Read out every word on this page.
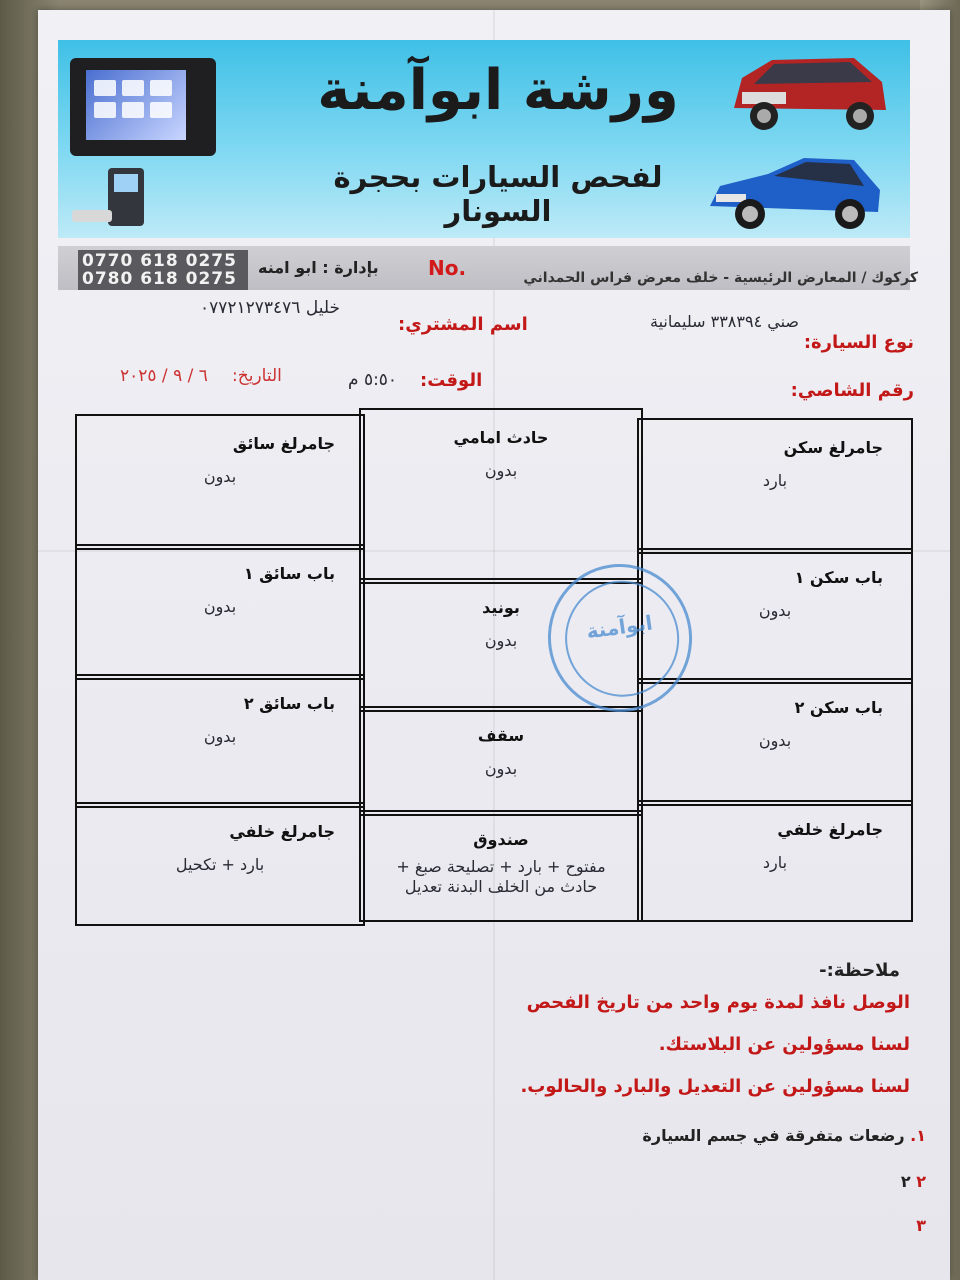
ورشة ابوآمنة
لفحص السيارات بحجرة السونار
0770 618 0275
0780 618 0275
بإدارة : ابو امنه No.	كركوك / المعارض الرئيسية - خلف معرض فراس الحمداني
اسم المشتري:
خليل ٠٧٧٢١٢٧٣٤٧٦
نوع السيارة:
صني ٣٣٨٣٩٤ سليمانية
التاريخ:
٦ / ٩ / ٢٠٢٥	الوقت:
٥:٥٠ م	رقم الشاصي:
جامرلغ سائق
بدون
باب سائق ١
بدون
باب سائق ٢
بدون
جامرلغ خلفي
بارد + تكحيل
حادث امامي
بدون
بونيد
بدون
سقف
بدون
صندوق
مفتوح + بارد + تصليحة صبغ + حادث من الخلف البدنة تعديل
جامرلغ سكن
بارد
باب سكن ١
بدون
باب سكن ٢
بدون
جامرلغ خلفي
بارد
ابوآمنة
ملاحظة:-
الوصل نافذ لمدة يوم واحد من تاريخ الفحص
لسنا مسؤولين عن البلاستك.
لسنا مسؤولين عن التعديل والبارد والحالوب.
١. رضعات متفرقة في جسم السيارة
٢ ٢
٣
